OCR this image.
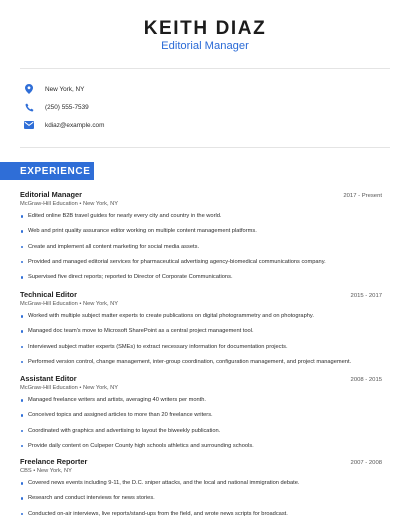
KEITH DIAZ
Editorial Manager
New York, NY
(250) 555-7539
kdiaz@example.com
EXPERIENCE
Editorial Manager	2017 - Present
McGraw-Hill Education • New York, NY
Edited online B2B travel guides for nearly every city and country in the world.
Web and print quality assurance editor working on multiple content management platforms.
Create and implement all content marketing for social media assets.
Provided and managed editorial services for pharmaceutical advertising agency-biomedical communications company.
Supervised five direct reports; reported to Director of Corporate Communications.
Technical Editor	2015 - 2017
McGraw-Hill Education • New York, NY
Worked with multiple subject matter experts to create publications on digital photogrammetry and on photography.
Managed doc team's move to Microsoft SharePoint as a central project management tool.
Interviewed subject matter experts (SMEs) to extract necessary information for documentation projects.
Performed version control, change management, inter-group coordination, configuration management, and project management.
Assistant Editor	2008 - 2015
McGraw-Hill Education • New York, NY
Managed freelance writers and artists, averaging 40 writers per month.
Conceived topics and assigned articles to more than 20 freelance writers.
Coordinated with graphics and advertising to layout the biweekly publication.
Provide daily content on Culpeper County high schools athletics and surrounding schools.
Freelance Reporter	2007 - 2008
CBS • New York, NY
Covered news events including 9-11, the D.C. sniper attacks, and the local and national immigration debate.
Research and conduct interviews for news stories.
Conducted on-air interviews, live reports/stand-ups from the field, and wrote news scripts for broadcast.
